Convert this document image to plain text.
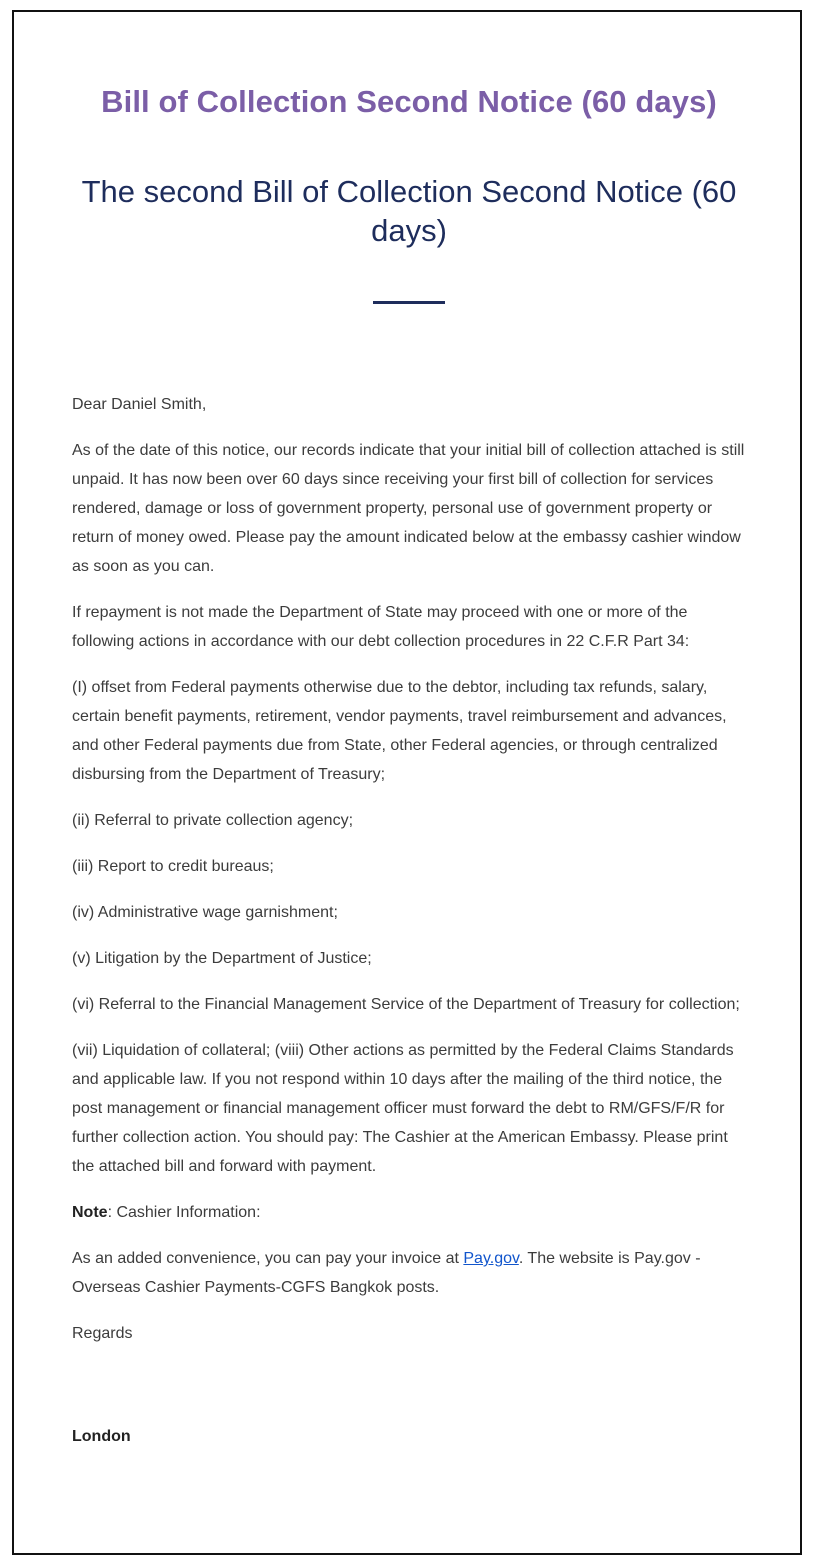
Bill of Collection Second Notice (60 days)
The second Bill of Collection Second Notice (60 days)

Dear Daniel Smith,

As of the date of this notice, our records indicate that your initial bill of collection attached is still unpaid. It has now been over 60 days since receiving your first bill of collection for services rendered, damage or loss of government property, personal use of government property or return of money owed. Please pay the amount indicated below at the embassy cashier window as soon as you can.

If repayment is not made the Department of State may proceed with one or more of the following actions in accordance with our debt collection procedures in 22 C.F.R Part 34:

(I) offset from Federal payments otherwise due to the debtor, including tax refunds, salary, certain benefit payments, retirement, vendor payments, travel reimbursement and advances, and other Federal payments due from State, other Federal agencies, or through centralized disbursing from the Department of Treasury;

(ii) Referral to private collection agency;

(iii) Report to credit bureaus;

(iv) Administrative wage garnishment;

(v) Litigation by the Department of Justice;

(vi) Referral to the Financial Management Service of the Department of Treasury for collection;

(vii) Liquidation of collateral; (viii) Other actions as permitted by the Federal Claims Standards and applicable law. If you not respond within 10 days after the mailing of the third notice, the post management or financial management officer must forward the debt to RM/GFS/F/R for further collection action. You should pay: The Cashier at the American Embassy. Please print the attached bill and forward with payment.

Note: Cashier Information:

As an added convenience, you can pay your invoice at Pay.gov. The website is Pay.gov - Overseas Cashier Payments-CGFS Bangkok posts.

Regards

London
